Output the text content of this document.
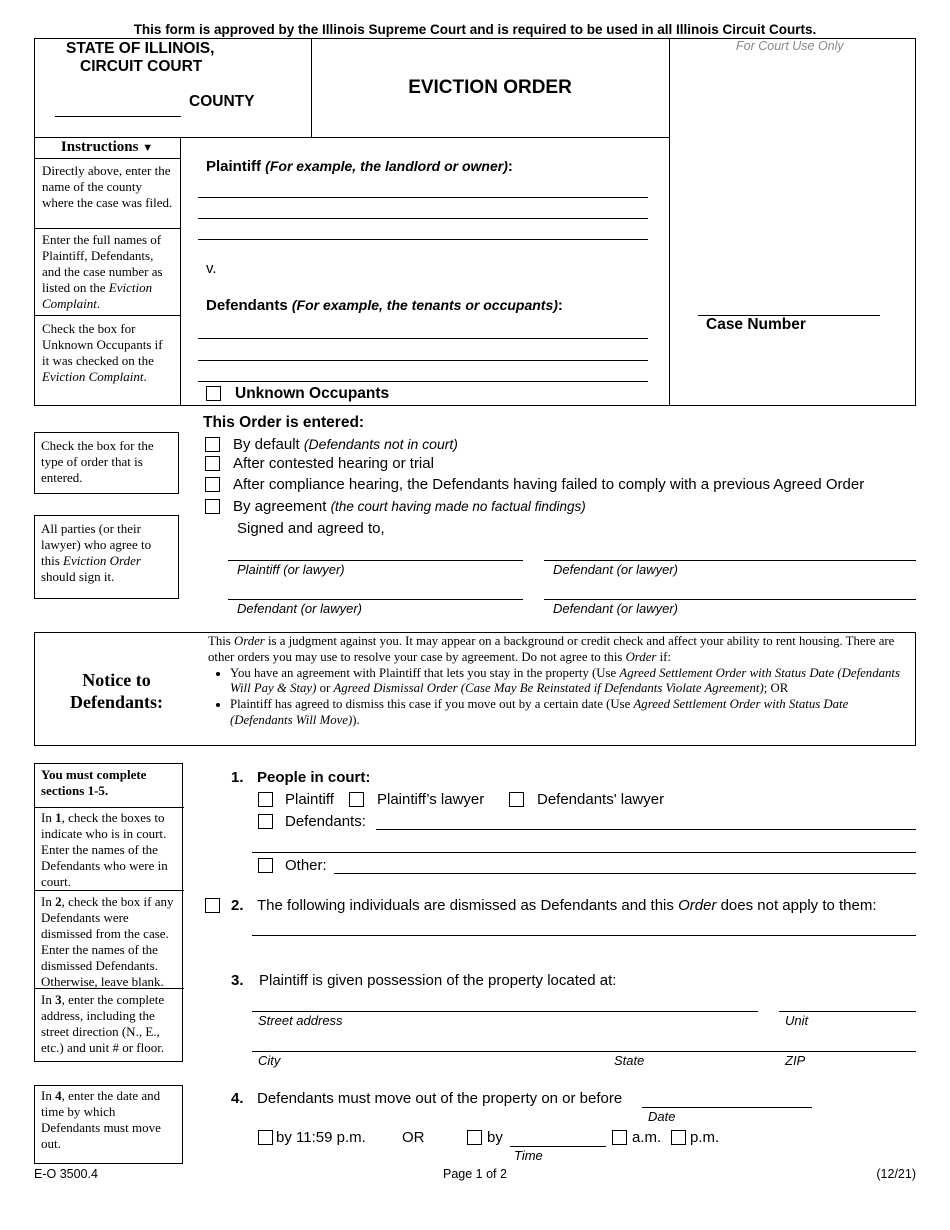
This form is approved by the Illinois Supreme Court and is required to be used in all Illinois Circuit Courts.
STATE OF ILLINOIS,
CIRCUIT COURT
COUNTY
EVICTION ORDER
For Court Use Only
Case Number
Instructions ▼
Directly above, enter the name of the county where the case was filed.
Enter the full names of Plaintiff, Defendants, and the case number as listed on the Eviction Complaint.
Check the box for Unknown Occupants if it was checked on the Eviction Complaint.
Plaintiff (For example, the landlord or owner):
v.
Defendants (For example, the tenants or occupants):
Unknown Occupants
This Order is entered:
Check the box for the type of order that is entered.
By default (Defendants not in court)
After contested hearing or trial
After compliance hearing, the Defendants having failed to comply with a previous Agreed Order
By agreement (the court having made no factual findings)
All parties (or their lawyer) who agree to this Eviction Order should sign it.
Signed and agreed to,
Plaintiff (or lawyer)	Defendant (or lawyer)
Defendant (or lawyer)	Defendant (or lawyer)
Notice to
Defendants:
This Order is a judgment against you. It may appear on a background or credit check and affect your ability to rent housing. There are other orders you may use to resolve your case by agreement. Do not agree to this Order if:
• You have an agreement with Plaintiff that lets you stay in the property (Use Agreed Settlement Order with Status Date (Defendants Will Pay & Stay) or Agreed Dismissal Order (Case May Be Reinstated if Defendants Violate Agreement); OR
• Plaintiff has agreed to dismiss this case if you move out by a certain date (Use Agreed Settlement Order with Status Date (Defendants Will Move)).
You must complete sections 1-5.
In 1, check the boxes to indicate who is in court. Enter the names of the Defendants who were in court.
In 2, check the box if any Defendants were dismissed from the case. Enter the names of the dismissed Defendants. Otherwise, leave blank.
In 3, enter the complete address, including the street direction (N., E., etc.) and unit # or floor.
In 4, enter the date and time by which Defendants must move out.
1. People in court:
Plaintiff	Plaintiff’s lawyer	Defendants' lawyer
Defendants:
Other:
2. The following individuals are dismissed as Defendants and this Order does not apply to them:
3. Plaintiff is given possession of the property located at:
Street address	Unit
City	State	ZIP
4. Defendants must move out of the property on or before
Date
by 11:59 p.m. OR	by	a.m. p.m.
Time
E-O 3500.4	Page 1 of 2	(12/21)
